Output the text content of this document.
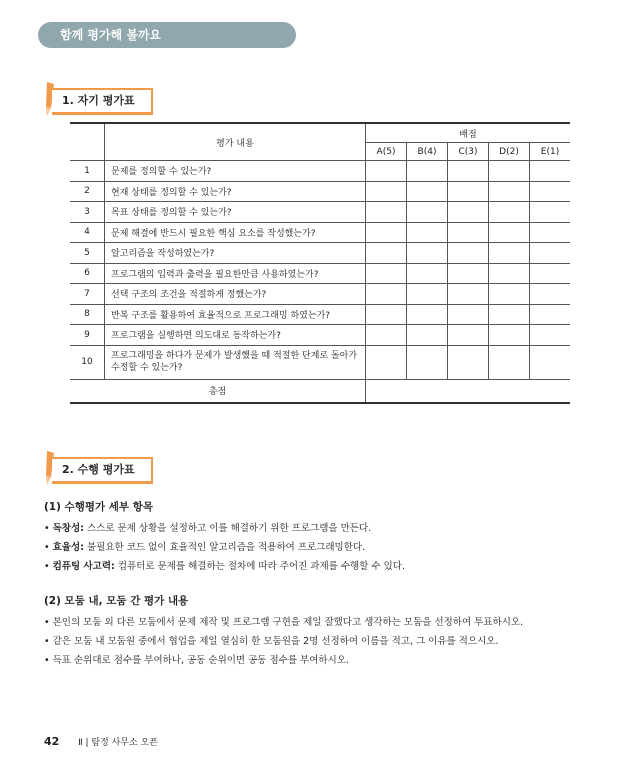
함께 평가해 볼까요
1. 자기 평가표
	평가 내용	배점				
		A(5)	B(4)	C(3)	D(2)	E(1)
1	문제를 정의할 수 있는가?					
2	현재 상태를 정의할 수 있는가?					
3	목표 상태를 정의할 수 있는가?					
4	문제 해결에 반드시 필요한 핵심 요소를 작성했는가?					
5	알고리즘을 작성하였는가?					
6	프로그램의 입력과 출력을 필요한만큼 사용하였는가?					
7	선택 구조의 조건을 적절하게 정했는가?					
8	반복 구조를 활용하여 효율적으로 프로그래밍 하였는가?					
9	프로그램을 실행하면 의도대로 동작하는가?					
10	프로그래밍을 하다가 문제가 발생했을 때 적절한 단계로 돌아가 수정할 수 있는가?					
총점						
2. 수행 평가표
(1) 수행평가 세부 항목
• 독창성: 스스로 문제 상황을 설정하고 이를 해결하기 위한 프로그램을 만든다.
• 효율성: 불필요한 코드 없이 효율적인 알고리즘을 적용하여 프로그래밍한다.
• 컴퓨팅 사고력: 컴퓨터로 문제를 해결하는 절차에 따라 주어진 과제를 수행할 수 있다.
(2) 모둠 내, 모둠 간 평가 내용
• 본인의 모둠 외 다른 모둠에서 문제 제작 및 프로그램 구현을 제일 잘했다고 생각하는 모둠을 선정하여 투표하시오.
• 같은 모둠 내 모둠원 중에서 협업을 제일 열심히 한 모둠원을 2명 선정하여 이름을 적고, 그 이유를 적으시오.
• 득표 순위대로 점수를 부여하나, 공동 순위이면 공동 점수를 부여하시오.
42 Ⅱ | 탐정 사무소 오픈
